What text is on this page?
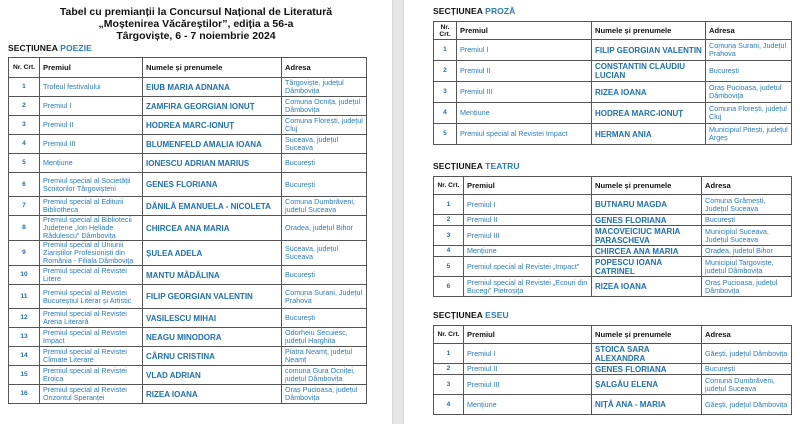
Tabel cu premianții la Concursul Național de Literatură
„Moștenirea Văcăreștilor”, ediția a 56-a
Târgoviște, 6 - 7 noiembrie 2024
SECȚIUNEA POEZIE
Nr. Crt.	Premiul	Numele și prenumele	Adresa
1	Trofeul festivalului	EIUB MARIA ADNANA	Târgoviște, județul Dâmbovița
2	Premiul I	ZAMFIRA GEORGIAN IONUȚ	Comuna Ocnița, județul Dâmbovița
3	Premiul II	HODREA MARC-IONUȚ	Comuna Florești, județul Cluj
4	Premiul III	BLUMENFELD AMALIA IOANA	Suceava, județul Suceava
5	Mențiune	IONESCU ADRIAN MARIUS	București
6	Premiul special al Societății Scriitorilor Târgovișteni	GENES FLORIANA	București
7	Premiul special al Editurii Bibliotheca	DĂNILĂ EMANUELA - NICOLETA	Comuna Dumbrăveni, județul Suceava
8	Premiul special al Bibliotecii Județene „Ion Heliade Rădulescu” Dâmbovița	CHIRCEA ANA MARIA	Oradea, județul Bihor
9	Premiul special al Uniunii Ziariștilor Profesioniști din România - Filiala Dâmbovița	ȘULEA ADELA	Suceava, județul Suceava
10	Premiul special al Revistei Litere	MANTU MĂDĂLINA	București
11	Premiul special al Revistei Bucureștiul Literar și Artistic	FILIP GEORGIAN VALENTIN	Comuna Surani, Județul Prahova
12	Premiul special al Revistei Arena Literară	VASILESCU MIHAI	București
13	Premiul special al Revistei Impact	NEAGU MINODORA	Odorheiu Secuiesc, județul Harghita
14	Premiul special al Revistei Climate Literare	CÂRNU CRISTINA	Piatra Neamț, județul Neamț
15	Premiul special al Revistei Eroica	VLAD ADRIAN	comuna Gura Ocniței, județul Dâmbovița
16	Premiul special al Revistei Orizontul Speranței	RIZEA IOANA	Oraș Pucioasa, județul Dâmbovița
SECȚIUNEA PROZĂ
Nr. Crt.	Premiul	Numele și prenumele	Adresa
1	Premiul I	FILIP GEORGIAN VALENTIN	Comuna Surani, Județul Prahova
2	Premiul II	CONSTANTIN CLAUDIU LUCIAN	București
3	Premiul III	RIZEA IOANA	Oraș Pucioasa, județul Dâmbovița
4	Mențiune	HODREA MARC-IONUȚ	Comuna Florești, județul Cluj
5	Premiul special al Revistei Impact	HERMAN ANIA	Municipiul Pitești, județul Argeș
SECȚIUNEA TEATRU
Nr. Crt.	Premiul	Numele și prenumele	Adresa
1	Premiul I	BUTNARU MAGDA	Comuna Grămești, Județul Suceava
2	Premiul II	GENES FLORIANA	București
3	Premiul III	MACOVEICIUC MARIA PARASCHEVA	Municipiul Suceava, Județul Suceava
4	Mențiune	CHIRCEA ANA MARIA	Oradea, județul Bihor
5	Premiul special al Revistei „Impact”	POPESCU IOANA CATRINEL	Municipiul Targoviște, județul Dâmbovița
6	Premiul special al Revistei „Ecouri din Bucegi” Pietroșița	RIZEA IOANA	Oraș Pucioasa, județul Dâmbovița
SECȚIUNEA ESEU
Nr. Crt.	Premiul	Numele și prenumele	Adresa
1	Premiul I	STOICA SARA ALEXANDRA	Găești, județul Dâmbovița
2	Premiul II	GENES FLORIANA	București
3	Premiul III	ȘALGĂU ELENA	Comuna Dumbrăveni, județul Suceava
4	Mențiune	NIȚĂ ANA - MARIA	Găești, județul Dâmbovița
